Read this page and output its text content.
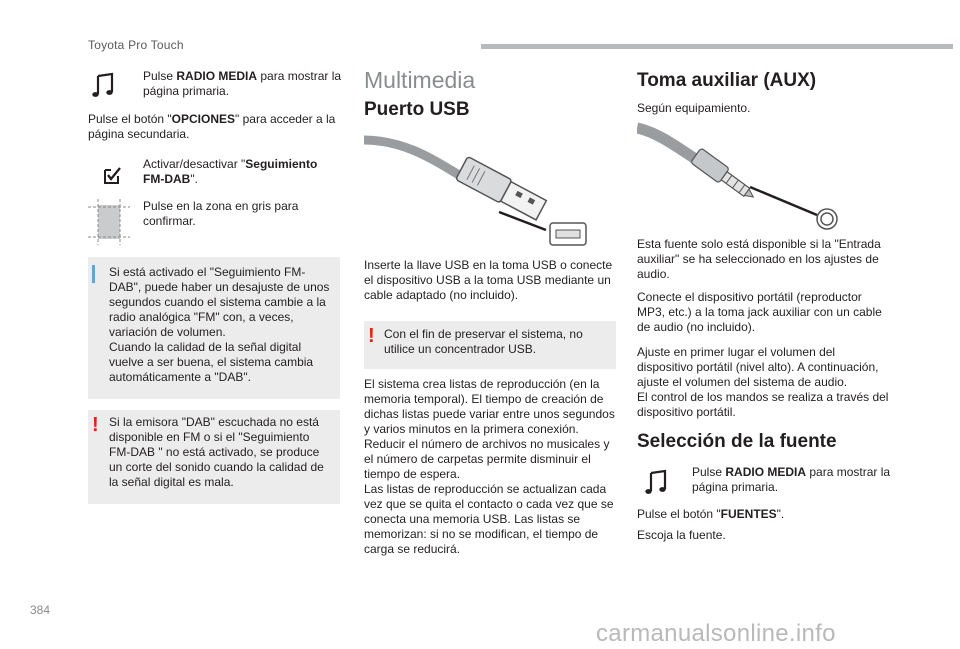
Toyota Pro Touch
Pulse RADIO MEDIA para mostrar la página primaria.
Pulse el botón "OPCIONES" para acceder a la página secundaria.
Activar/desactivar "Seguimiento FM-DAB".
Pulse en la zona en gris para confirmar.
Si está activado el "Seguimiento FM-DAB", puede haber un desajuste de unos segundos cuando el sistema cambie a la radio analógica "FM" con, a veces, variación de volumen.
Cuando la calidad de la señal digital vuelve a ser buena, el sistema cambia automáticamente a "DAB".
! Si la emisora "DAB" escuchada no está disponible en FM o si el "Seguimiento FM-DAB " no está activado, se produce un corte del sonido cuando la calidad de la señal digital es mala.
Multimedia
Puerto USB
Inserte la llave USB en la toma USB o conecte el dispositivo USB a la toma USB mediante un cable adaptado (no incluido).
! Con el fin de preservar el sistema, no utilice un concentrador USB.
El sistema crea listas de reproducción (en la memoria temporal). El tiempo de creación de dichas listas puede variar entre unos segundos y varios minutos en la primera conexión.
Reducir el número de archivos no musicales y el número de carpetas permite disminuir el tiempo de espera.
Las listas de reproducción se actualizan cada vez que se quita el contacto o cada vez que se conecta una memoria USB. Las listas se memorizan: si no se modifican, el tiempo de carga se reducirá.
Toma auxiliar (AUX)
Según equipamiento.
Esta fuente solo está disponible si la "Entrada auxiliar" se ha seleccionado en los ajustes de audio.
Conecte el dispositivo portátil (reproductor MP3, etc.) a la toma jack auxiliar con un cable de audio (no incluido).
Ajuste en primer lugar el volumen del dispositivo portátil (nivel alto). A continuación, ajuste el volumen del sistema de audio.
El control de los mandos se realiza a través del dispositivo portátil.
Selección de la fuente
Pulse RADIO MEDIA para mostrar la página primaria.
Pulse el botón "FUENTES".
Escoja la fuente.
384
carmanualsonline.info
